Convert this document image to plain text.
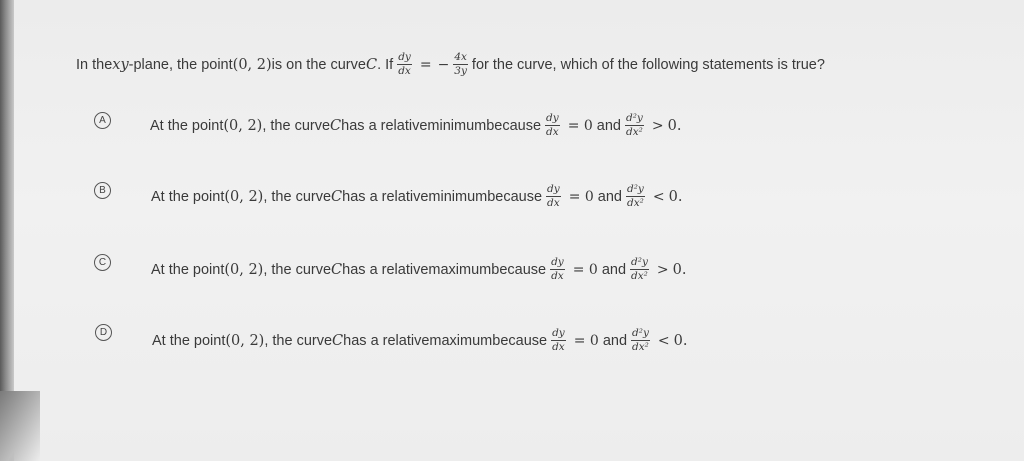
In the xy -plane, the point (0, 2) is on the curve C . If $\frac{dy}{dx}$ = − $\frac{4x}{3y}$ for the curve, which of the following statements is true?
A	At the point (0, 2) , the curve C has a relative minimum because $\frac{dy}{dx} = 0$ and $\frac{\text{d²y}}{\text{dx²}} > 0$.
B	At the point (0, 2) , the curve C has a relative minimum because $\frac{dy}{dx} = 0$ and $\frac{\text{d²y}}{\text{dx²}} < 0$.
C	At the point (0, 2) , the curve C has a relative maximum because $\frac{dy}{dx} = 0$ and $\frac{\text{d²y}}{\text{dx²}} > 0$.
D
At the point (0, 2) , the curve C has a relative maximum because $\frac{dy}{dx} = 0$ and $\frac{\text{d²y}}{\text{dx²}} < 0$.
